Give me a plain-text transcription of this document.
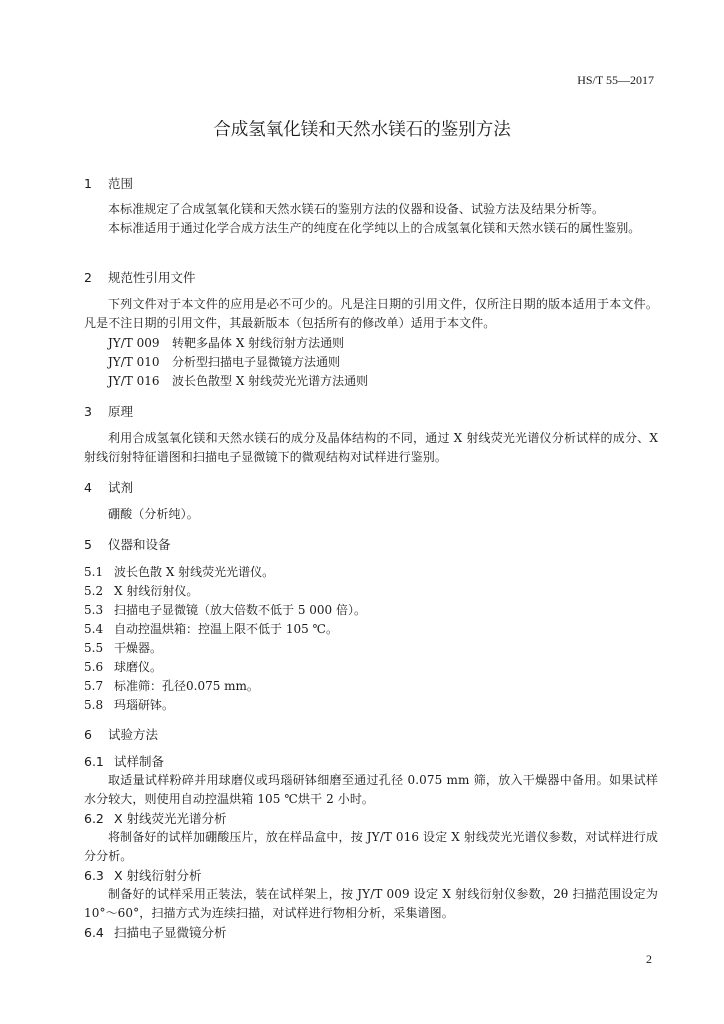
HS/T 55—2017
合成氢氧化镁和天然水镁石的鉴别方法
1 范围
本标准规定了合成氢氧化镁和天然水镁石的鉴别方法的仪器和设备、试验方法及结果分析等。
本标准适用于通过化学合成方法生产的纯度在化学纯以上的合成氢氧化镁和天然水镁石的属性鉴别。
2 规范性引用文件
下列文件对于本文件的应用是必不可少的。凡是注日期的引用文件，仅所注日期的版本适用于本文件。凡是不注日期的引用文件，其最新版本（包括所有的修改单）适用于本文件。
JY/T 009 转靶多晶体 X 射线衍射方法通则
JY/T 010 分析型扫描电子显微镜方法通则
JY/T 016 波长色散型 X 射线荧光光谱方法通则
3 原理
利用合成氢氧化镁和天然水镁石的成分及晶体结构的不同，通过 X 射线荧光光谱仪分析试样的成分、X 射线衍射特征谱图和扫描电子显微镜下的微观结构对试样进行鉴别。
4 试剂
硼酸（分析纯）。
5 仪器和设备
5.1 波长色散 X 射线荧光光谱仪。
5.2 X 射线衍射仪。
5.3 扫描电子显微镜（放大倍数不低于 5 000 倍）。
5.4 自动控温烘箱：控温上限不低于 105 ℃。
5.5 干燥器。
5.6 球磨仪。
5.7 标准筛：孔径0.075 mm。
5.8 玛瑙研钵。
6 试验方法
6.1 试样制备
取适量试样粉碎并用球磨仪或玛瑙研钵细磨至通过孔径 0.075 mm 筛，放入干燥器中备用。如果试样水分较大，则使用自动控温烘箱 105 ℃烘干 2 小时。
6.2 X 射线荧光光谱分析
将制备好的试样加硼酸压片，放在样品盒中，按 JY/T 016 设定 X 射线荧光光谱仪参数，对试样进行成分分析。
6.3 X 射线衍射分析
制备好的试样采用正装法，装在试样架上，按 JY/T 009 设定 X 射线衍射仪参数，2θ 扫描范围设定为 10°～60°，扫描方式为连续扫描，对试样进行物相分析，采集谱图。
6.4 扫描电子显微镜分析
2
